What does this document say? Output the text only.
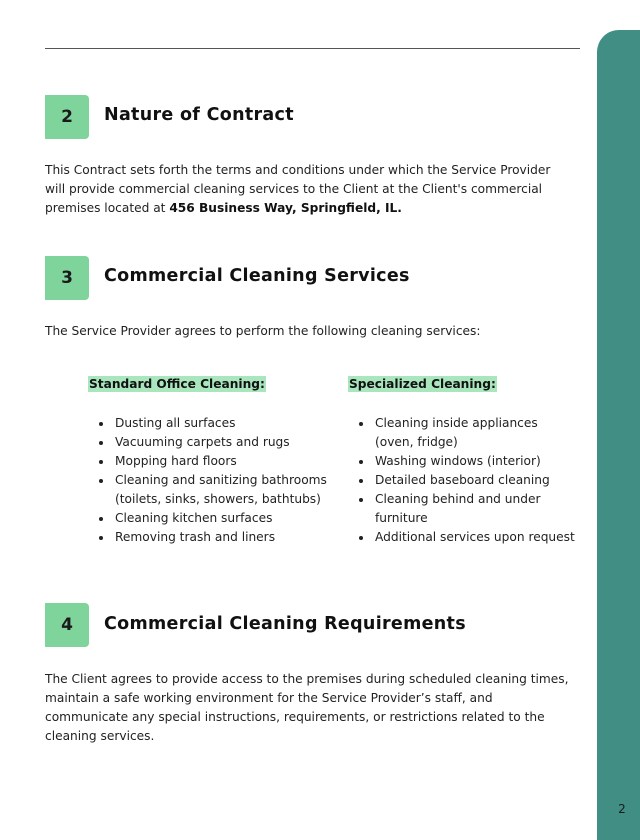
2	Nature of Contract

This Contract sets forth the terms and conditions under which the Service Provider will provide commercial cleaning services to the Client at the Client's commercial premises located at 456 Business Way, Springfield, IL.

3	Commercial Cleaning Services

The Service Provider agrees to perform the following cleaning services:

Standard Office Cleaning:
• Dusting all surfaces
• Vacuuming carpets and rugs
• Mopping hard floors
• Cleaning and sanitizing bathrooms (toilets, sinks, showers, bathtubs)
• Cleaning kitchen surfaces
• Removing trash and liners
Specialized Cleaning:
• Cleaning inside appliances (oven, fridge)
• Washing windows (interior)
• Detailed baseboard cleaning
• Cleaning behind and under furniture
• Additional services upon request
4	Commercial Cleaning Requirements

The Client agrees to provide access to the premises during scheduled cleaning times, maintain a safe working environment for the Service Provider’s staff, and communicate any special instructions, requirements, or restrictions related to the cleaning services.

2
